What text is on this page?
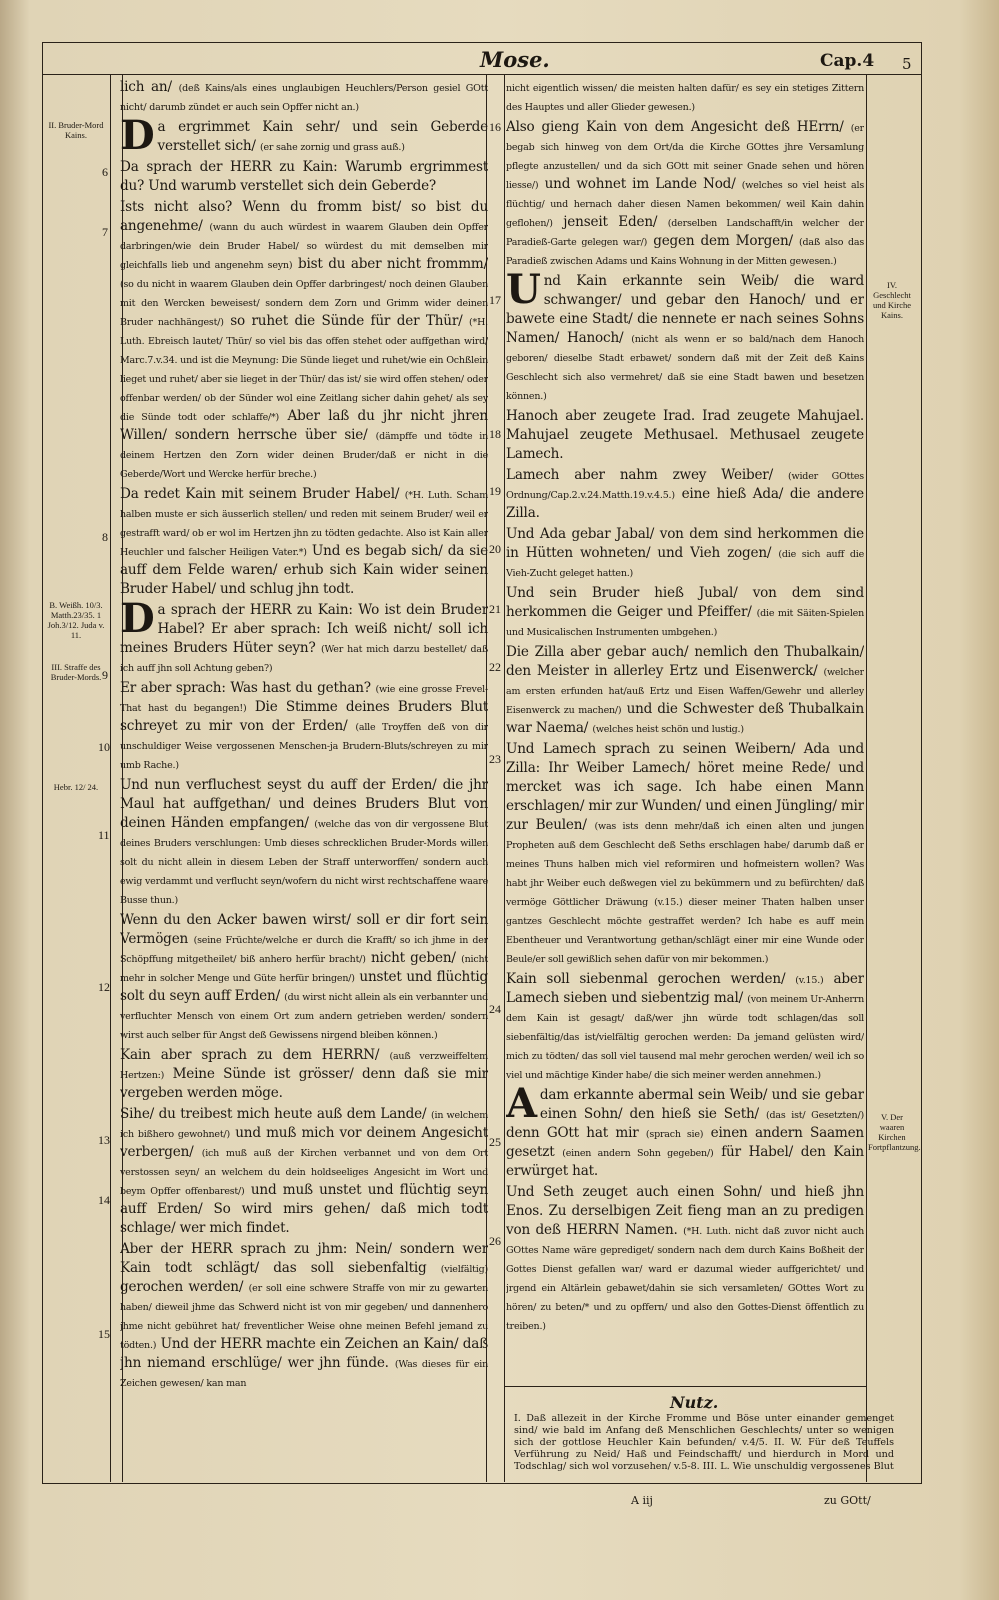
Mose.	Cap.4 5
II. Bruder-Mord Kains.
B. Weißh. 10/3. Matth.23/35. 1 Joh.3/12. Juda v. 11.
III. Straffe des Bruder-Mords.
Hebr. 12/ 24.
IV. Geschlecht und Kirche Kains.
V. Der waaren Kirchen Fortpflantzung.
6
7
8
9
10
11
12
13
14
15
16
17
18
19
20
21
22
23
24
25
26

lich an/ (deß Kains/als eines unglaubigen Heuchlers/Person gesiel GOtt nicht/ darumb zündet er auch sein Opffer nicht an.)

Da ergrimmet Kain sehr/ und sein Geberde verstellet sich/ (er sahe zornig und grass auß.)

Da sprach der HERR zu Kain: Warumb ergrimmest du? Und warumb verstellet sich dein Geberde?

Ists nicht also? Wenn du fromm bist/ so bist du angenehme/ (wann du auch würdest in waarem Glauben dein Opffer darbringen/wie dein Bruder Habel/ so würdest du mit demselben mir gleichfalls lieb und angenehm seyn) bist du aber nicht frommm/ (so du nicht in waarem Glauben dein Opffer darbringest/ noch deinen Glauben mit den Wercken beweisest/ sondern dem Zorn und Grimm wider deinen Bruder nachhängest/) so ruhet die Sünde für der Thür/ (*H. Luth. Ebreisch lautet/ Thür/ so viel bis das offen stehet oder auffgethan wird/ Marc.7.v.34. und ist die Meynung: Die Sünde lieget und ruhet/wie ein Ochßlein lieget und ruhet/ aber sie lieget in der Thür/ das ist/ sie wird offen stehen/ oder offenbar werden/ ob der Sünder wol eine Zeitlang sicher dahin gehet/ als sey die Sünde todt oder schlaffe/*) Aber laß du jhr nicht jhren Willen/ sondern herrsche über sie/ (dämpffe und tödte in deinem Hertzen den Zorn wider deinen Bruder/daß er nicht in die Geberde/Wort und Wercke herfür breche.)

Da redet Kain mit seinem Bruder Habel/ (*H. Luth. Scham halben muste er sich äusserlich stellen/ und reden mit seinem Bruder/ weil er gestrafft ward/ ob er wol im Hertzen jhn zu tödten gedachte. Also ist Kain aller Heuchler und falscher Heiligen Vater.*) Und es begab sich/ da sie auff dem Felde waren/ erhub sich Kain wider seinen Bruder Habel/ und schlug jhn todt.

Da sprach der HERR zu Kain: Wo ist dein Bruder Habel? Er aber sprach: Ich weiß nicht/ soll ich meines Bruders Hüter seyn? (Wer hat mich darzu bestellet/ daß ich auff jhn soll Achtung geben?)

Er aber sprach: Was hast du gethan? (wie eine grosse Frevel-That hast du begangen!) Die Stimme deines Bruders Blut schreyet zu mir von der Erden/ (alle Troyffen deß von dir unschuldiger Weise vergossenen Menschen-ja Brudern-Bluts/schreyen zu mir umb Rache.)

Und nun verfluchest seyst du auff der Erden/ die jhr Maul hat auffgethan/ und deines Bruders Blut von deinen Händen empfangen/ (welche das von dir vergossene Blut deines Bruders verschlungen: Umb dieses schrecklichen Bruder-Mords willen solt du nicht allein in diesem Leben der Straff unterworffen/ sondern auch ewig verdammt und verflucht seyn/wofern du nicht wirst rechtschaffene waare Busse thun.)

Wenn du den Acker bawen wirst/ soll er dir fort sein Vermögen (seine Früchte/welche er durch die Krafft/ so ich jhme in der Schöpffung mitgetheilet/ biß anhero herfür bracht/) nicht geben/ (nicht mehr in solcher Menge und Güte herfür bringen/) unstet und flüchtig solt du seyn auff Erden/ (du wirst nicht allein als ein verbannter und verfluchter Mensch von einem Ort zum andern getrieben werden/ sondern wirst auch selber für Angst deß Gewissens nirgend bleiben können.)

Kain aber sprach zu dem HERRN/ (auß verzweiffeltem Hertzen:) Meine Sünde ist grösser/ denn daß sie mir vergeben werden möge.

Sihe/ du treibest mich heute auß dem Lande/ (in welchem ich bißhero gewohnet/) und muß mich vor deinem Angesicht verbergen/ (ich muß auß der Kirchen verbannet und von dem Ort verstossen seyn/ an welchem du dein holdseeliges Angesicht im Wort und beym Opffer offenbarest/) und muß unstet und flüchtig seyn auff Erden/ So wird mirs gehen/ daß mich todt schlage/ wer mich findet.

Aber der HERR sprach zu jhm: Nein/ sondern wer Kain todt schlägt/ das soll siebenfaltig (vielfältig) gerochen werden/ (er soll eine schwere Straffe von mir zu gewarten haben/ dieweil jhme das Schwerd nicht ist von mir gegeben/ und dannenhero jhme nicht gebühret hat/ freventlicher Weise ohne meinen Befehl jemand zu tödten.) Und der HERR machte ein Zeichen an Kain/ daß jhn niemand erschlüge/ wer jhn fünde. (Was dieses für ein Zeichen gewesen/ kan man

nicht eigentlich wissen/ die meisten halten dafür/ es sey ein stetiges Zittern des Hauptes und aller Glieder gewesen.)

Also gieng Kain von dem Angesicht deß HErrn/ (er begab sich hinweg von dem Ort/da die Kirche GOttes jhre Versamlung pflegte anzustellen/ und da sich GOtt mit seiner Gnade sehen und hören liesse/) und wohnet im Lande Nod/ (welches so viel heist als flüchtig/ und hernach daher diesen Namen bekommen/ weil Kain dahin geflohen/) jenseit Eden/ (derselben Landschafft/in welcher der Paradieß-Garte gelegen war/) gegen dem Morgen/ (daß also das Paradieß zwischen Adams und Kains Wohnung in der Mitten gewesen.)

Und Kain erkannte sein Weib/ die ward schwanger/ und gebar den Hanoch/ und er bawete eine Stadt/ die nennete er nach seines Sohns Namen/ Hanoch/ (nicht als wenn er so bald/nach dem Hanoch geboren/ dieselbe Stadt erbawet/ sondern daß mit der Zeit deß Kains Geschlecht sich also vermehret/ daß sie eine Stadt bawen und besetzen können.)

Hanoch aber zeugete Irad. Irad zeugete Mahujael. Mahujael zeugete Methusael. Methusael zeugete Lamech.

Lamech aber nahm zwey Weiber/ (wider GOttes Ordnung/Cap.2.v.24.Matth.19.v.4.5.) eine hieß Ada/ die andere Zilla.

Und Ada gebar Jabal/ von dem sind herkommen die in Hütten wohneten/ und Vieh zogen/ (die sich auff die Vieh-Zucht geleget hatten.)

Und sein Bruder hieß Jubal/ von dem sind herkommen die Geiger und Pfeiffer/ (die mit Säiten-Spielen und Musicalischen Instrumenten umbgehen.)

Die Zilla aber gebar auch/ nemlich den Thubalkain/ den Meister in allerley Ertz und Eisenwerck/ (welcher am ersten erfunden hat/auß Ertz und Eisen Waffen/Gewehr und allerley Eisenwerck zu machen/) und die Schwester deß Thubalkain war Naema/ (welches heist schön und lustig.)

Und Lamech sprach zu seinen Weibern/ Ada und Zilla: Ihr Weiber Lamech/ höret meine Rede/ und mercket was ich sage. Ich habe einen Mann erschlagen/ mir zur Wunden/ und einen Jüngling/ mir zur Beulen/ (was ists denn mehr/daß ich einen alten und jungen Propheten auß dem Geschlecht deß Seths erschlagen habe/ darumb daß er meines Thuns halben mich viel reformiren und hofmeistern wollen? Was habt jhr Weiber euch deßwegen viel zu bekümmern und zu befürchten/ daß vermöge Göttlicher Dräwung (v.15.) dieser meiner Thaten halben unser gantzes Geschlecht möchte gestraffet werden? Ich habe es auff mein Ebentheuer und Verantwortung gethan/schlägt einer mir eine Wunde oder Beule/er soll gewißlich sehen dafür von mir bekommen.)

Kain soll siebenmal gerochen werden/ (v.15.) aber Lamech sieben und siebentzig mal/ (von meinem Ur-Anherrn dem Kain ist gesagt/ daß/wer jhn würde todt schlagen/das soll siebenfältig/das ist/vielfältig gerochen werden: Da jemand gelüsten wird/ mich zu tödten/ das soll viel tausend mal mehr gerochen werden/ weil ich so viel und mächtige Kinder habe/ die sich meiner werden annehmen.)

Adam erkannte abermal sein Weib/ und sie gebar einen Sohn/ den hieß sie Seth/ (das ist/ Gesetzten/) denn GOtt hat mir (sprach sie) einen andern Saamen gesetzt (einen andern Sohn gegeben/) für Habel/ den Kain erwürget hat.

Und Seth zeuget auch einen Sohn/ und hieß jhn Enos. Zu derselbigen Zeit fieng man an zu predigen von deß HERRN Namen. (*H. Luth. nicht daß zuvor nicht auch GOttes Name wäre geprediget/ sondern nach dem durch Kains Boßheit der Gottes Dienst gefallen war/ ward er dazumal wieder auffgerichtet/ und jrgend ein Altärlein gebawet/dahin sie sich versamleten/ GOttes Wort zu hören/ zu beten/* und zu opffern/ und also den Gottes-Dienst öffentlich zu treiben.)

Nutz.
I. Daß allezeit in der Kirche Fromme und Böse unter einander gemenget sind/ wie bald im Anfang deß Menschlichen Geschlechts/ unter so wenigen sich der gottlose Heuchler Kain befunden/ v.4/5. II. W. Für deß Teuffels Verführung zu Neid/ Haß und Feindschafft/ und hierdurch in Mord und Todschlag/ sich wol vorzusehen/ v.5-8. III. L. Wie unschuldig vergossenes Blut
A iij	zu GOtt/
